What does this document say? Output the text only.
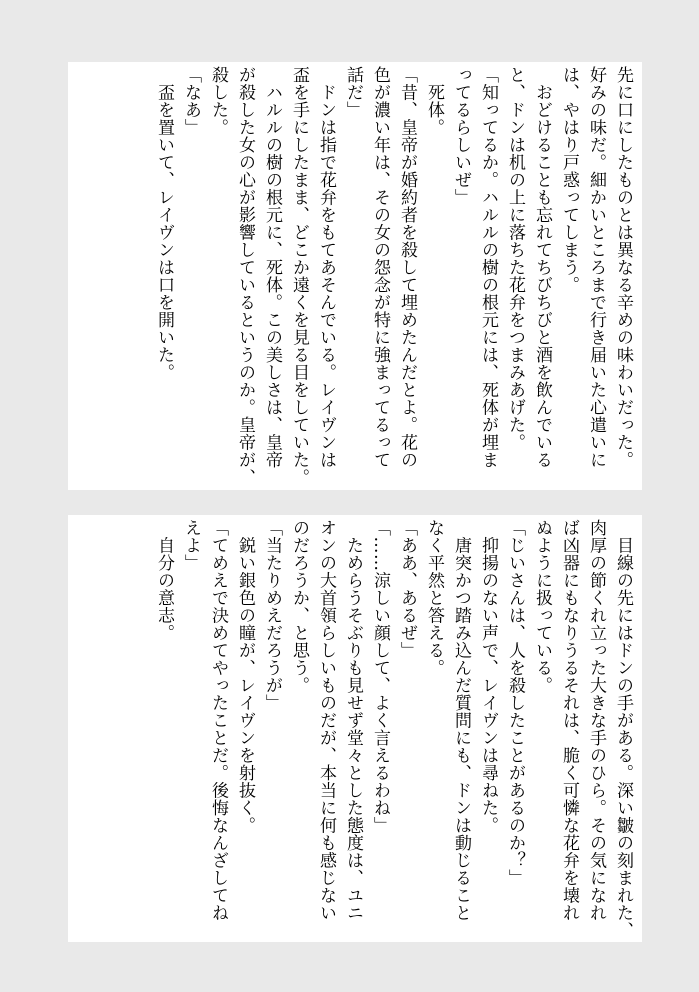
先に口にしたものとは異なる辛めの味わいだった。
好みの味だ。細かいところまで行き届いた心遣いに
は、やはり戸惑ってしまう。
　おどけることも忘れてちびちびと酒を飲んでいる
と、ドンは机の上に落ちた花弁をつまみあげた。
「知ってるか。ハルルの樹の根元には、死体が埋ま
ってるらしいぜ」
　死体。
「昔、皇帝が婚約者を殺して埋めたんだとよ。花の
色が濃い年は、その女の怨念が特に強まってるって
話だ」
　ドンは指で花弁をもてあそんでいる。レイヴンは
盃を手にしたまま、どこか遠くを見る目をしていた。
　ハルルの樹の根元に、死体。この美しさは、皇帝
が殺した女の心が影響しているというのか。皇帝が、
殺した。
「なあ」
　盃を置いて、レイヴンは口を開いた。
　目線の先にはドンの手がある。深い皺の刻まれた、
肉厚の節くれ立った大きな手のひら。その気になれ
ば凶器にもなりうるそれは、脆く可憐な花弁を壊れ
ぬように扱っている。
「じいさんは、人を殺したことがあるのか？」
　抑揚のない声で、レイヴンは尋ねた。
　唐突かつ踏み込んだ質問にも、ドンは動じること
なく平然と答える。
「ああ、あるぜ」
「……涼しい顔して、よく言えるわね」
　ためらうそぶりも見せず堂々とした態度は、ユニ
オンの大首領らしいものだが、本当に何も感じない
のだろうか、と思う。
「当たりめえだろうが」
　鋭い銀色の瞳が、レイヴンを射抜く。
「てめえで決めてやったことだ。後悔なんざしてね
えよ」
　自分の意志。
